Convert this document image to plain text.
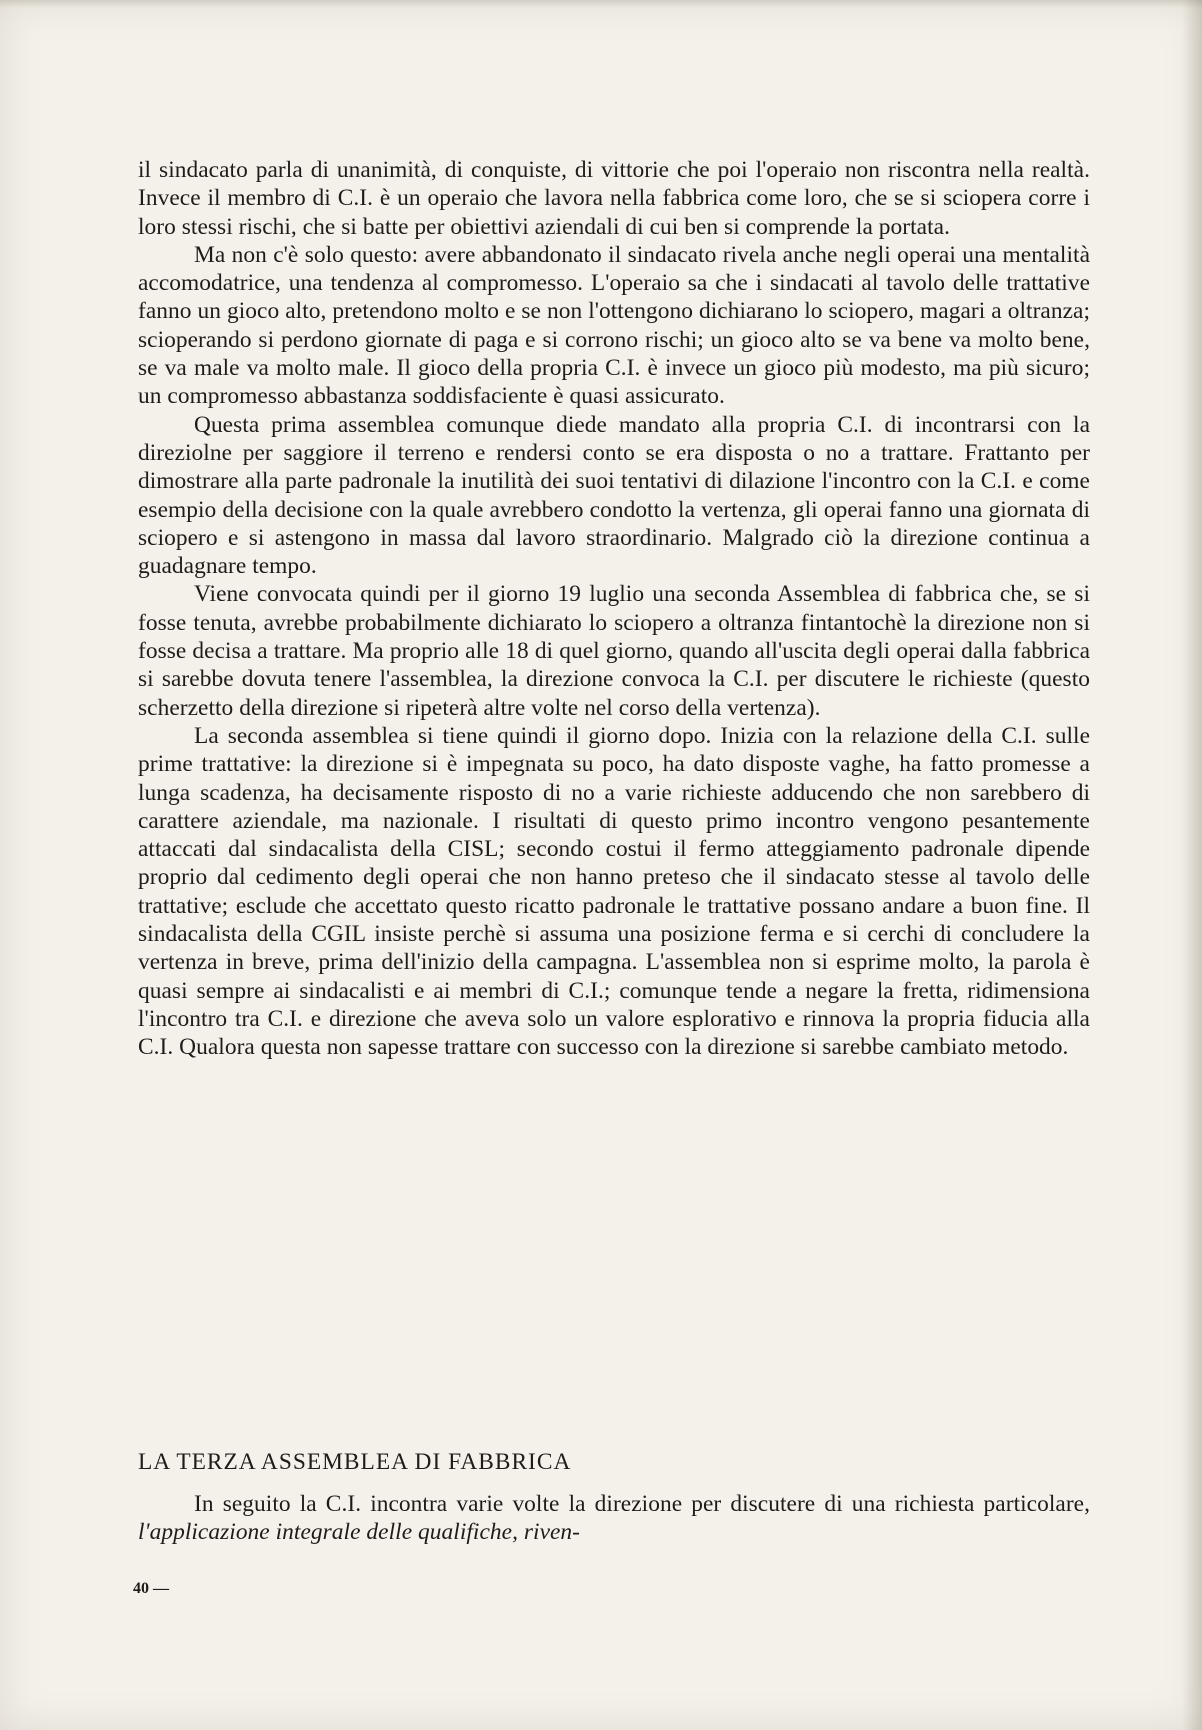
il sindacato parla di unanimità, di conquiste, di vittorie che poi l'operaio non riscontra nella realtà. Invece il membro di C.I. è un operaio che lavora nella fabbrica come loro, che se si sciopera corre i loro stessi rischi, che si batte per obiettivi aziendali di cui ben si comprende la portata.

Ma non c'è solo questo: avere abbandonato il sindacato rivela anche negli operai una mentalità accomodatrice, una tendenza al compromesso. L'operaio sa che i sindacati al tavolo delle trattative fanno un gioco alto, pretendono molto e se non l'ottengono dichiarano lo sciopero, magari a oltranza; scioperando si perdono giornate di paga e si corrono rischi; un gioco alto se va bene va molto bene, se va male va molto male. Il gioco della propria C.I. è invece un gioco più modesto, ma più sicuro; un compromesso abbastanza soddisfaciente è quasi assicurato.

Questa prima assemblea comunque diede mandato alla propria C.I. di incontrarsi con la direziolne per saggiore il terreno e rendersi conto se era disposta o no a trattare. Frattanto per dimostrare alla parte padronale la inutilità dei suoi tentativi di dilazione l'incontro con la C.I. e come esempio della decisione con la quale avrebbero condotto la vertenza, gli operai fanno una giornata di sciopero e si astengono in massa dal lavoro straordinario. Malgrado ciò la direzione continua a guadagnare tempo.

Viene convocata quindi per il giorno 19 luglio una seconda Assemblea di fabbrica che, se si fosse tenuta, avrebbe probabilmente dichiarato lo sciopero a oltranza fintantochè la direzione non si fosse decisa a trattare. Ma proprio alle 18 di quel giorno, quando all'uscita degli operai dalla fabbrica si sarebbe dovuta tenere l'assemblea, la direzione convoca la C.I. per discutere le richieste (questo scherzetto della direzione si ripeterà altre volte nel corso della vertenza).

La seconda assemblea si tiene quindi il giorno dopo. Inizia con la relazione della C.I. sulle prime trattative: la direzione si è impegnata su poco, ha dato disposte vaghe, ha fatto promesse a lunga scadenza, ha decisamente risposto di no a varie richieste adducendo che non sarebbero di carattere aziendale, ma nazionale. I risultati di questo primo incontro vengono pesantemente attaccati dal sindacalista della CISL; secondo costui il fermo atteggiamento padronale dipende proprio dal cedimento degli operai che non hanno preteso che il sindacato stesse al tavolo delle trattative; esclude che accettato questo ricatto padronale le trattative possano andare a buon fine. Il sindacalista della CGIL insiste perchè si assuma una posizione ferma e si cerchi di concludere la vertenza in breve, prima dell'inizio della campagna. L'assemblea non si esprime molto, la parola è quasi sempre ai sindacalisti e ai membri di C.I.; comunque tende a negare la fretta, ridimensiona l'incontro tra C.I. e direzione che aveva solo un valore esplorativo e rinnova la propria fiducia alla C.I. Qualora questa non sapesse trattare con successo con la direzione si sarebbe cambiato metodo.

LA TERZA ASSEMBLEA DI FABBRICA

In seguito la C.I. incontra varie volte la direzione per discutere di una richiesta particolare, l'applicazione integrale delle qualifiche, riven-

40 —
